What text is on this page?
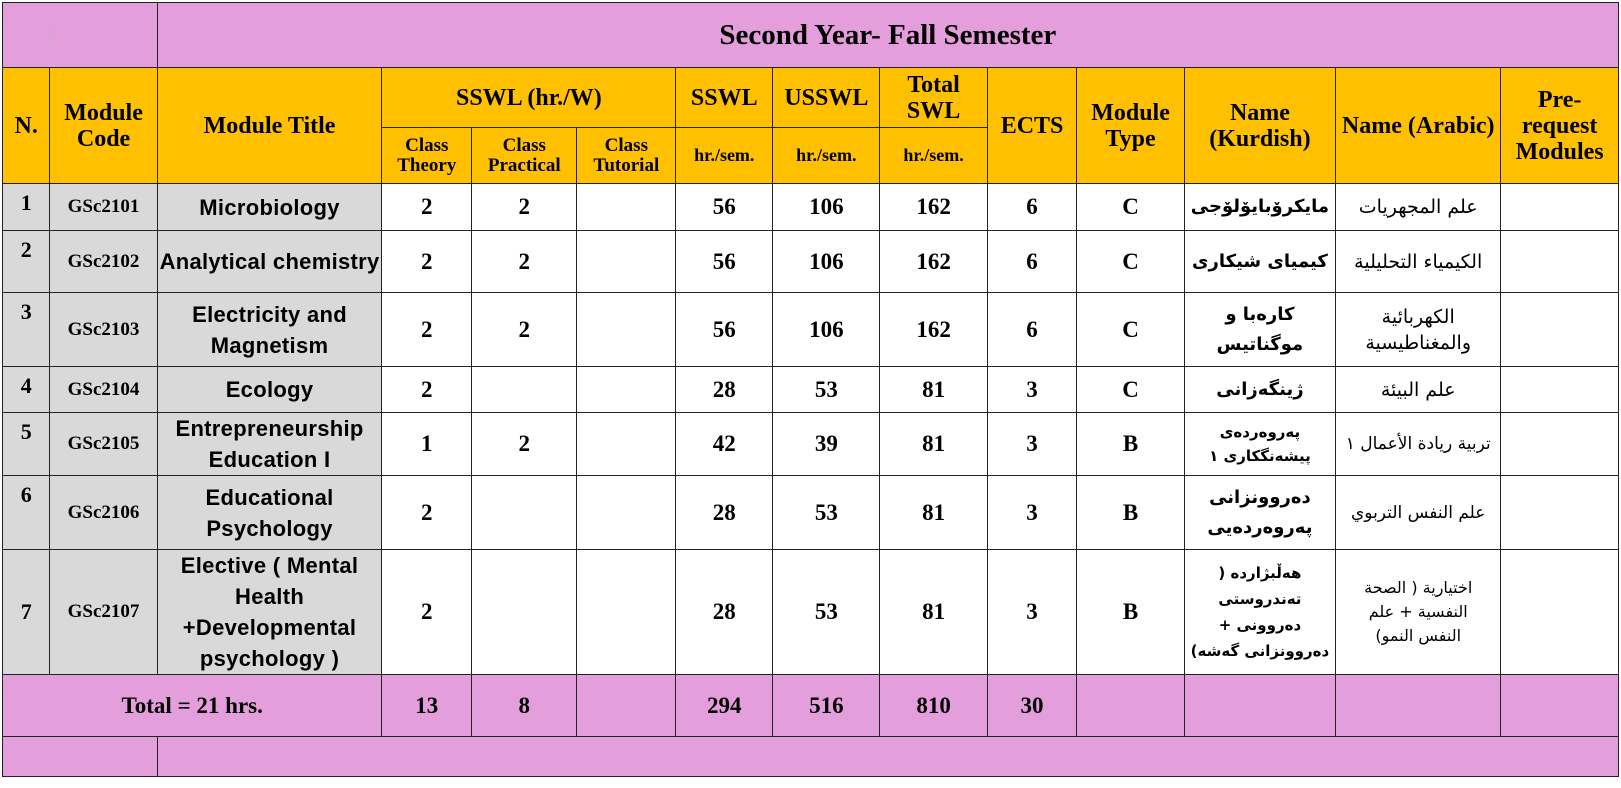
		Second Year- Fall Semester											
N.	Module Code	Module Title	SSWL (hr./W)			SSWL	USSWL	Total SWL	ECTS	Module Type	Name (Kurdish)	Name (Arabic)	Pre-request Modules
			Class Theory	Class Practical	Class Tutorial	hr./sem.	hr./sem.	hr./sem.					
1	GSc2101	Microbiology	2	2		56	106	162	6	C	مایکرۆبایۆلۆجی	علم المجهريات	
2	GSc2102	Analytical chemistry	2	2		56	106	162	6	C	کیمیای شیکاری	الكيمياء التحليلية	
3	GSc2103	Electricity and Magnetism	2	2		56	106	162	6	C	کارەبا و موگناتیس	الكهربائية والمغناطيسية	
4	GSc2104	Ecology	2			28	53	81	3	C	ژینگەزانی	علم البيئة	
5	GSc2105	Entrepreneurship Education I	1	2		42	39	81	3	B	پەروەردەی پیشەنگکاری ۱	تربية ريادة الأعمال ١	
6	GSc2106	Educational Psychology	2			28	53	81	3	B	دەروونزانی پەروەردەیی	علم النفس التربوي	
7	GSc2107	Elective ( Mental Health +Developmental psychology )	2			28	53	81	3	B	هەڵبژاردە ( تەندروستی دەروونی + دەروونزانی گەشە)	اختيارية ( الصحة النفسية + علم النفس النمو)	
Total = 21 hrs.			13	8		294	516	810	30				
